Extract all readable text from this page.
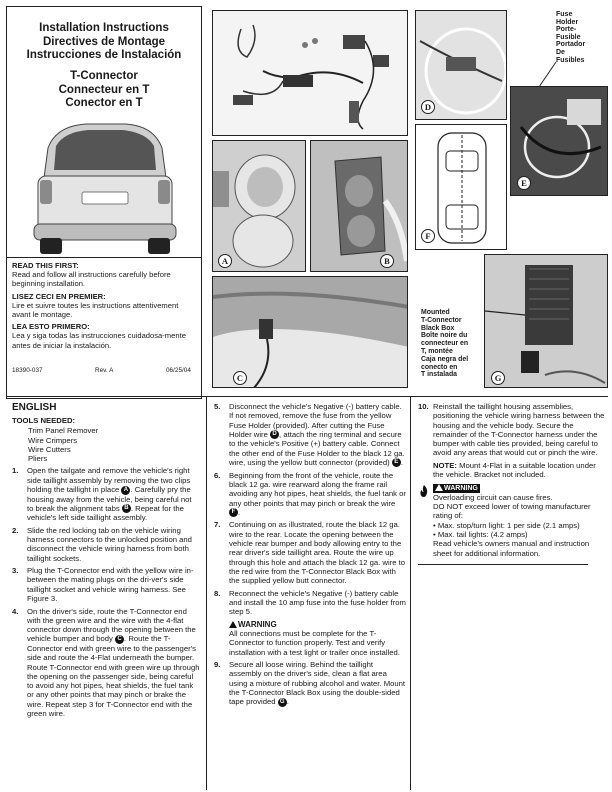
Installation Instructions
Directives de Montage
Instrucciones de Instalación
T-Connector
Connecteur en T
Conector en T

READ THIS FIRST:
Read and follow all instructions carefully before beginning installation.

LISEZ CECI EN PREMIER:
Lire et suivre toutes les instructions attentivement avant le montage.

LEA ESTO PRIMERO:
Lea y siga todas las instrucciones cuidadosa-mente antes de iniciar la instalación.

18390-037	Rev. A	06/25/04
D
Fuse
Holder
Porte-
Fusible
Portador
De
Fusibles
E
F
A	B
C
Mounted
T-Connector
Black Box
Boîte noire du
connecteur en
T, montée
Caja negra del
conecto en
T instalada	G
ENGLISH
TOOLS NEEDED:
Trim Panel Remover
Wire Crimpers
Wire Cutters
Pliers

1. Open the tailgate and remove the vehicle's right side taillight assembly by removing the two clips holding the taillight in place A . Carefully pry the housing away from the vehicle, being careful not to break the alignment tabs B . Repeat for the vehicle's left side taillight assembly.

2. Slide the red locking tab on the vehicle wiring harness connectors to the unlocked position and disconnect the vehicle wiring harness from both taillight sockets.

3. Plug the T-Connector end with the yellow wire in-between the mating plugs on the dri-ver's side taillight socket and vehicle wiring harness. See Figure 3.

4. On the driver's side, route the T-Connector end with the green wire and the wire with the 4-flat connector down through the opening between the vehicle bumper and body C . Route the T-Connector end with green wire to the passenger's side and route the 4-Flat underneath the bumper. Route T-Connector end with green wire up through the opening on the passenger side, being careful to avoid any hot pipes, heat shields, the fuel tank or any other points that may pinch or brake the wire. Repeat step 3 for T-Connector end with the green wire.

5. Disconnect the vehicle's Negative (-) battery cable. If not removed, remove the fuse from the yellow Fuse Holder (provided). After cutting the Fuse Holder wire D , attach the ring terminal and secure to the vehicle's Positive (+) battery cable. Connect the other end of the Fuse Holder to the black 12 ga. wire, using the yellow butt connector (provided) E .

6. Beginning from the front of the vehicle, route the black 12 ga. wire rearward along the frame rail avoiding any hot pipes, heat shields, the fuel tank or any other points that may pinch or break the wire F .

7. Continuing on as illustrated, route the black 12 ga. wire to the rear. Locate the opening between the vehicle rear bumper and body allowing entry to the rear driver's side taillight area. Route the wire up through this hole and attach the black 12 ga. wire to the red wire from the T-Connector Black Box with the supplied yellow butt connector.

8. Reconnect the vehicle's Negative (-) battery cable and install the 10 amp fuse into the fuse holder from step 5.

WARNING
All connections must be complete for the T-Connector to function properly. Test and verify installation with a test light or trailer once installed.

9. Secure all loose wiring. Behind the taillight assembly on the driver's side, clean a flat area using a mixture of rubbing alcohol and water. Mount the T-Connector Black Box using the double-sided tape provided G .

10. Reinstall the taillight housing assemblies, positioning the vehicle wiring harness between the housing and the vehicle body. Secure the remainder of the T-Connector harness under the bumper with cable ties provided, being careful to avoid any areas that would cut or pinch the wire.

NOTE: Mount 4-Flat in a suitable location under the vehicle. Bracket not included.

WARNING
Overloading circuit can cause fires.
DO NOT exceed lower of towing manufacturer rating of:
• Max. stop/turn light: 1 per side (2.1 amps)
• Max. tail lights: (4.2 amps)
Read vehicle's owners manual and instruction sheet for additional information.
